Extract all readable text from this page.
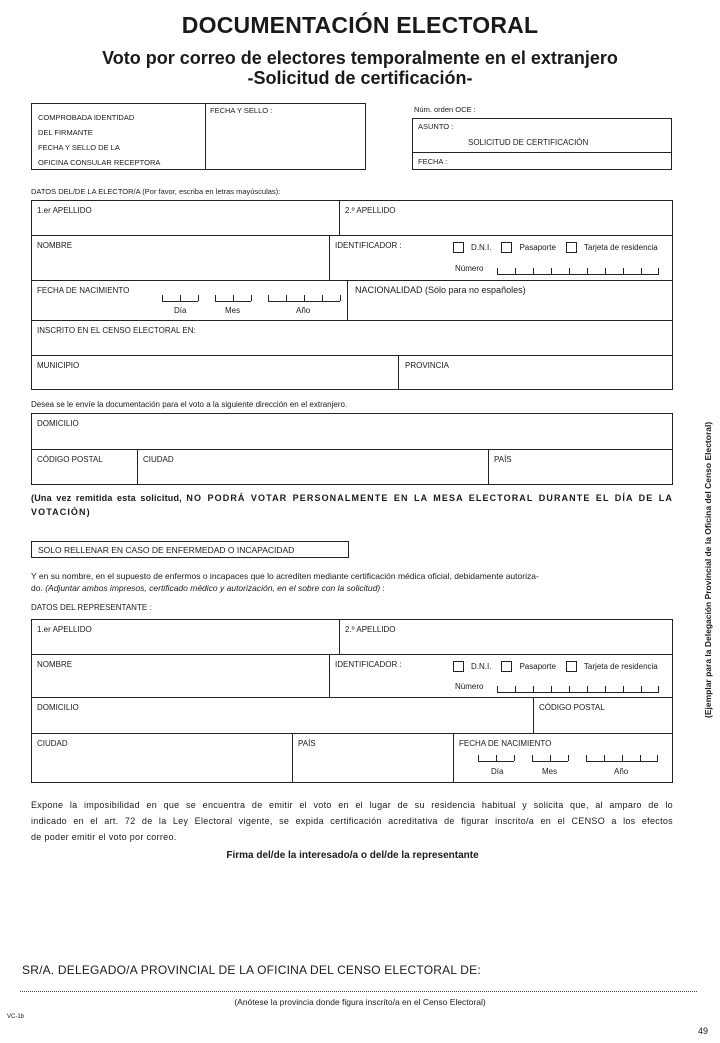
DOCUMENTACIÓN ELECTORAL
Voto por correo de electores temporalmente en el extranjero
-Solicitud de certificación-
COMPROBADA IDENTIDAD
DEL FIRMANTE
FECHA Y SELLO DE LA
OFICINA CONSULAR RECEPTORA
FECHA Y SELLO :	Núm. orden OCE :
ASUNTO :
SOLICITUD DE CERTIFICACIÓN
FECHA :
DATOS DEL/DE LA ELECTOR/A (Por favor, escriba en letras mayúsculas):
1.er APELLIDO	2.º APELLIDO
NOMBRE	IDENTIFICADOR :	D.N.I.	Pasaporte	Tarjeta de residencia
Número
FECHA DE NACIMIENTO
Día	Mes	Año
NACIONALIDAD (Sólo para no españoles)
INSCRITO EN EL CENSO ELECTORAL EN:
MUNICIPIO	PROVINCIA
Desea se le envíe la documentación para el voto a la siguiente dirección en el extranjero.
DOMICILIO
CÓDIGO POSTAL	CIUDAD	PAÍS
(Una vez remitida esta solicitud, NO PODRÁ VOTAR PERSONALMENTE EN LA MESA ELECTORAL DURANTE EL DÍA DE LA VOTACIÓN)
SOLO RELLENAR EN CASO DE ENFERMEDAD O INCAPACIDAD
Y en su nombre, en el supuesto de enfermos o incapaces que lo acrediten mediante certificación médica oficial, debidamente autoriza-
do. (Adjuntar ambos impresos, certificado médico y autorización, en el sobre con la solicitud) :
DATOS DEL REPRESENTANTE :
1.er APELLIDO	2.º APELLIDO
NOMBRE	IDENTIFICADOR :	D.N.I.	Pasaporte	Tarjeta de residencia
Número
DOMICILIO	CÓDIGO POSTAL
CIUDAD	PAÍS	FECHA DE NACIMIENTO
Día	Mes	Año
Expone la imposibilidad en que se encuentra de emitir el voto en el lugar de su residencia habitual y solicita que, al amparo de lo
indicado en el art. 72 de la Ley Electoral vigente, se expida certificación acreditativa de figurar inscrito/a en el CENSO a los efectos
de poder emitir el voto por correo.
Firma del/de la interesado/a o del/de la representante
SR/A. DELEGADO/A PROVINCIAL DE LA OFICINA DEL CENSO ELECTORAL DE:
(Anótese la provincia donde figura inscrito/a en el Censo Electoral)
VC-1b
49
(Ejemplar para la Delegación Provincial de la Oficina del Censo Electoral)
